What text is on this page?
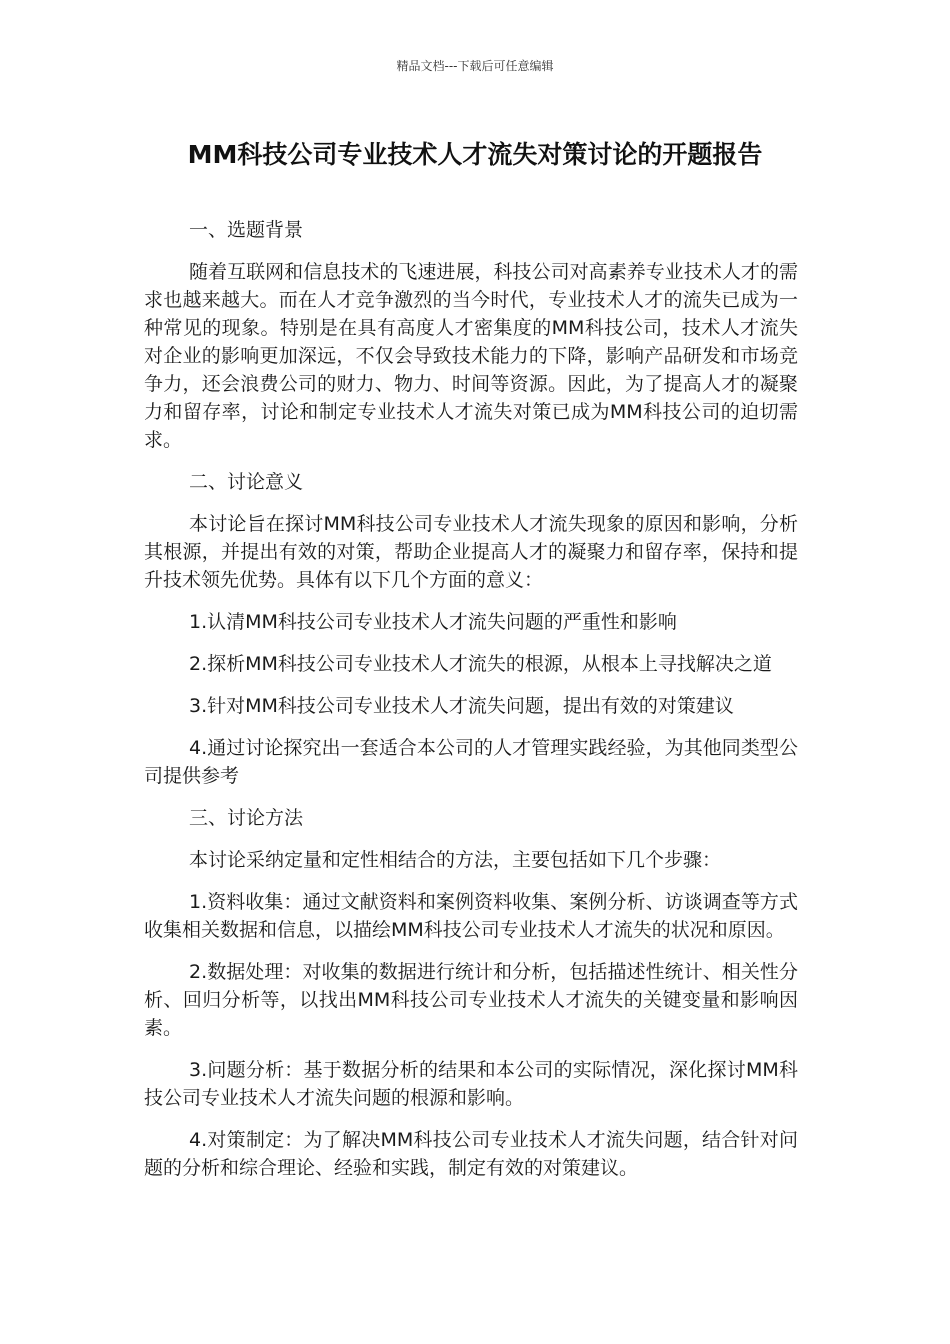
精品文档---下载后可任意编辑
MM科技公司专业技术人才流失对策讨论的开题报告
一、选题背景

随着互联网和信息技术的飞速进展，科技公司对高素养专业技术人才的需求也越来越大。而在人才竞争激烈的当今时代，专业技术人才的流失已成为一种常见的现象。特别是在具有高度人才密集度的MM科技公司，技术人才流失对企业的影响更加深远，不仅会导致技术能力的下降，影响产品研发和市场竞争力，还会浪费公司的财力、物力、时间等资源。因此，为了提高人才的凝聚力和留存率，讨论和制定专业技术人才流失对策已成为MM科技公司的迫切需求。

二、讨论意义

本讨论旨在探讨MM科技公司专业技术人才流失现象的原因和影响，分析其根源，并提出有效的对策，帮助企业提高人才的凝聚力和留存率，保持和提升技术领先优势。具体有以下几个方面的意义：

1.认清MM科技公司专业技术人才流失问题的严重性和影响

2.探析MM科技公司专业技术人才流失的根源，从根本上寻找解决之道

3.针对MM科技公司专业技术人才流失问题，提出有效的对策建议

4.通过讨论探究出一套适合本公司的人才管理实践经验，为其他同类型公司提供参考

三、讨论方法

本讨论采纳定量和定性相结合的方法，主要包括如下几个步骤：

1.资料收集：通过文献资料和案例资料收集、案例分析、访谈调查等方式收集相关数据和信息，以描绘MM科技公司专业技术人才流失的状况和原因。

2.数据处理：对收集的数据进行统计和分析，包括描述性统计、相关性分析、回归分析等，以找出MM科技公司专业技术人才流失的关键变量和影响因素。

3.问题分析：基于数据分析的结果和本公司的实际情况，深化探讨MM科技公司专业技术人才流失问题的根源和影响。

4.对策制定：为了解决MM科技公司专业技术人才流失问题，结合针对问题的分析和综合理论、经验和实践，制定有效的对策建议。
